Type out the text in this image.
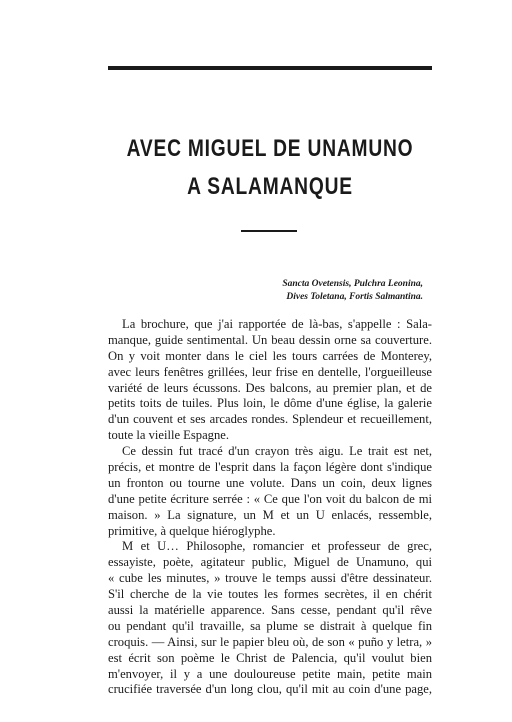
AVEC MIGUEL DE UNAMUNO
A SALAMANQUE
Sancta Ovetensis, Pulchra Leonina,
Dives Toletana, Fortis Salmantina.
La brochure, que j'ai rapportée de là-bas, s'appelle : Sala-
manque, guide sentimental. Un beau dessin orne sa couverture.
On y voit monter dans le ciel les tours carrées de Monterey,
avec leurs fenêtres grillées, leur frise en dentelle, l'orgueilleuse
variété de leurs écussons. Des balcons, au premier plan, et de
petits toits de tuiles. Plus loin, le dôme d'une église, la galerie
d'un couvent et ses arcades rondes. Splendeur et recueillement,
toute la vieille Espagne.
Ce dessin fut tracé d'un crayon très aigu. Le trait est net,
précis, et montre de l'esprit dans la façon légère dont s'indique
un fronton ou tourne une volute. Dans un coin, deux lignes
d'une petite écriture serrée : « Ce que l'on voit du balcon de mi
maison. » La signature, un M et un U enlacés, ressemble,
primitive, à quelque hiéroglyphe.
M et U… Philosophe, romancier et professeur de grec,
essayiste, poète, agitateur public, Miguel de Unamuno, qui
« cube les minutes, » trouve le temps aussi d'être dessinateur.
S'il cherche de la vie toutes les formes secrètes, il en chérit
aussi la matérielle apparence. Sans cesse, pendant qu'il rêve
ou pendant qu'il travaille, sa plume se distrait à quelque fin
croquis. — Ainsi, sur le papier bleu où, de son « puño y letra, »
est écrit son poème le Christ de Palencia, qu'il voulut bien
m'envoyer, il y a une douloureuse petite main, petite main
crucifiée traversée d'un long clou, qu'il mit au coin d'une page,
